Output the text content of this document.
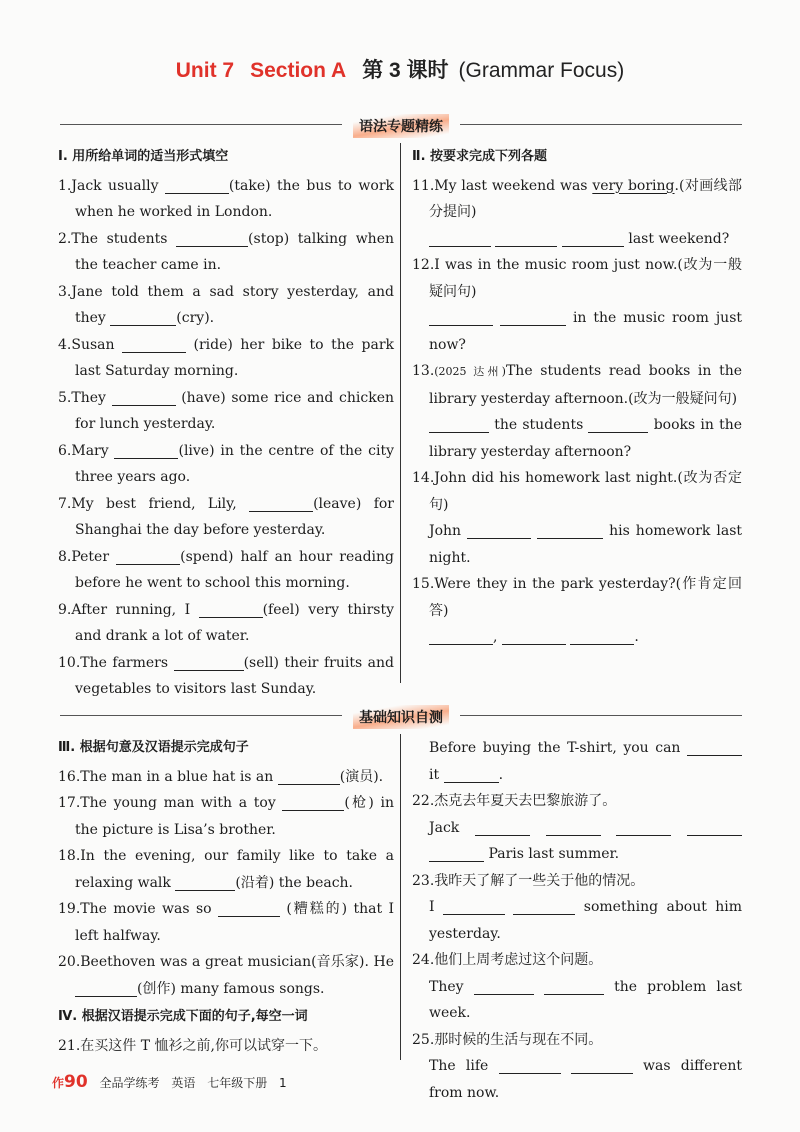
Unit 7 Section A 第 3 课时 (Grammar Focus)
语法专题精练
Ⅰ. 用所给单词的适当形式填空
1.Jack usually	(take) the bus to work when he worked in London.
2.The students	(stop) talking when the teacher came in.
3.Jane told them a sad story yesterday, and they	(cry).
4.Susan	(ride) her bike to the park last Saturday morning.
5.They	(have) some rice and chicken for lunch yesterday.
6.Mary	(live) in the centre of the city three years ago.
7.My best friend, Lily,	(leave) for Shanghai the day before yesterday.
8.Peter	(spend) half an hour reading before he went to school this morning.
9.After running, I	(feel) very thirsty and drank a lot of water.
10.The farmers	(sell) their fruits and vegetables to visitors last Sunday.
Ⅱ. 按要求完成下列各题
11.My last weekend was very boring.(对画线部分提问)
last weekend?
12.I was in the music room just now.(改为一般疑问句)
in the music room just now?
13.(2025 达州)The students read books in the library yesterday afternoon.(改为一般疑问句)
the students	books in the library yesterday afternoon?
14.John did his homework last night.(改为否定句)
John	his homework last night.
15.Were they in the park yesterday?(作肯定回答)
,	.
基础知识自测
Ⅲ. 根据句意及汉语提示完成句子
16.The man in a blue hat is an	(演员).
17.The young man with a toy	(枪) in the picture is Lisa’s brother.
18.In the evening, our family like to take a relaxing walk	(沿着) the beach.
19.The movie was so	(糟糕的) that I left halfway.
20.Beethoven was a great musician(音乐家). He (创作) many famous songs.
Ⅳ. 根据汉语提示完成下面的句子,每空一词
21.在买这件 T 恤衫之前,你可以试穿一下。
Before buying the T-shirt, you can  it	.
22.杰克去年夏天去巴黎旅游了。
Jack      Paris last summer.
23.我昨天了解了一些关于他的情况。
I	something about him yesterday.
24.他们上周考虑过这个问题。
They	the problem last week.
25.那时候的生活与现在不同。
The life	was different from now.
作90 全品学练考 英语 七年级下册 1
